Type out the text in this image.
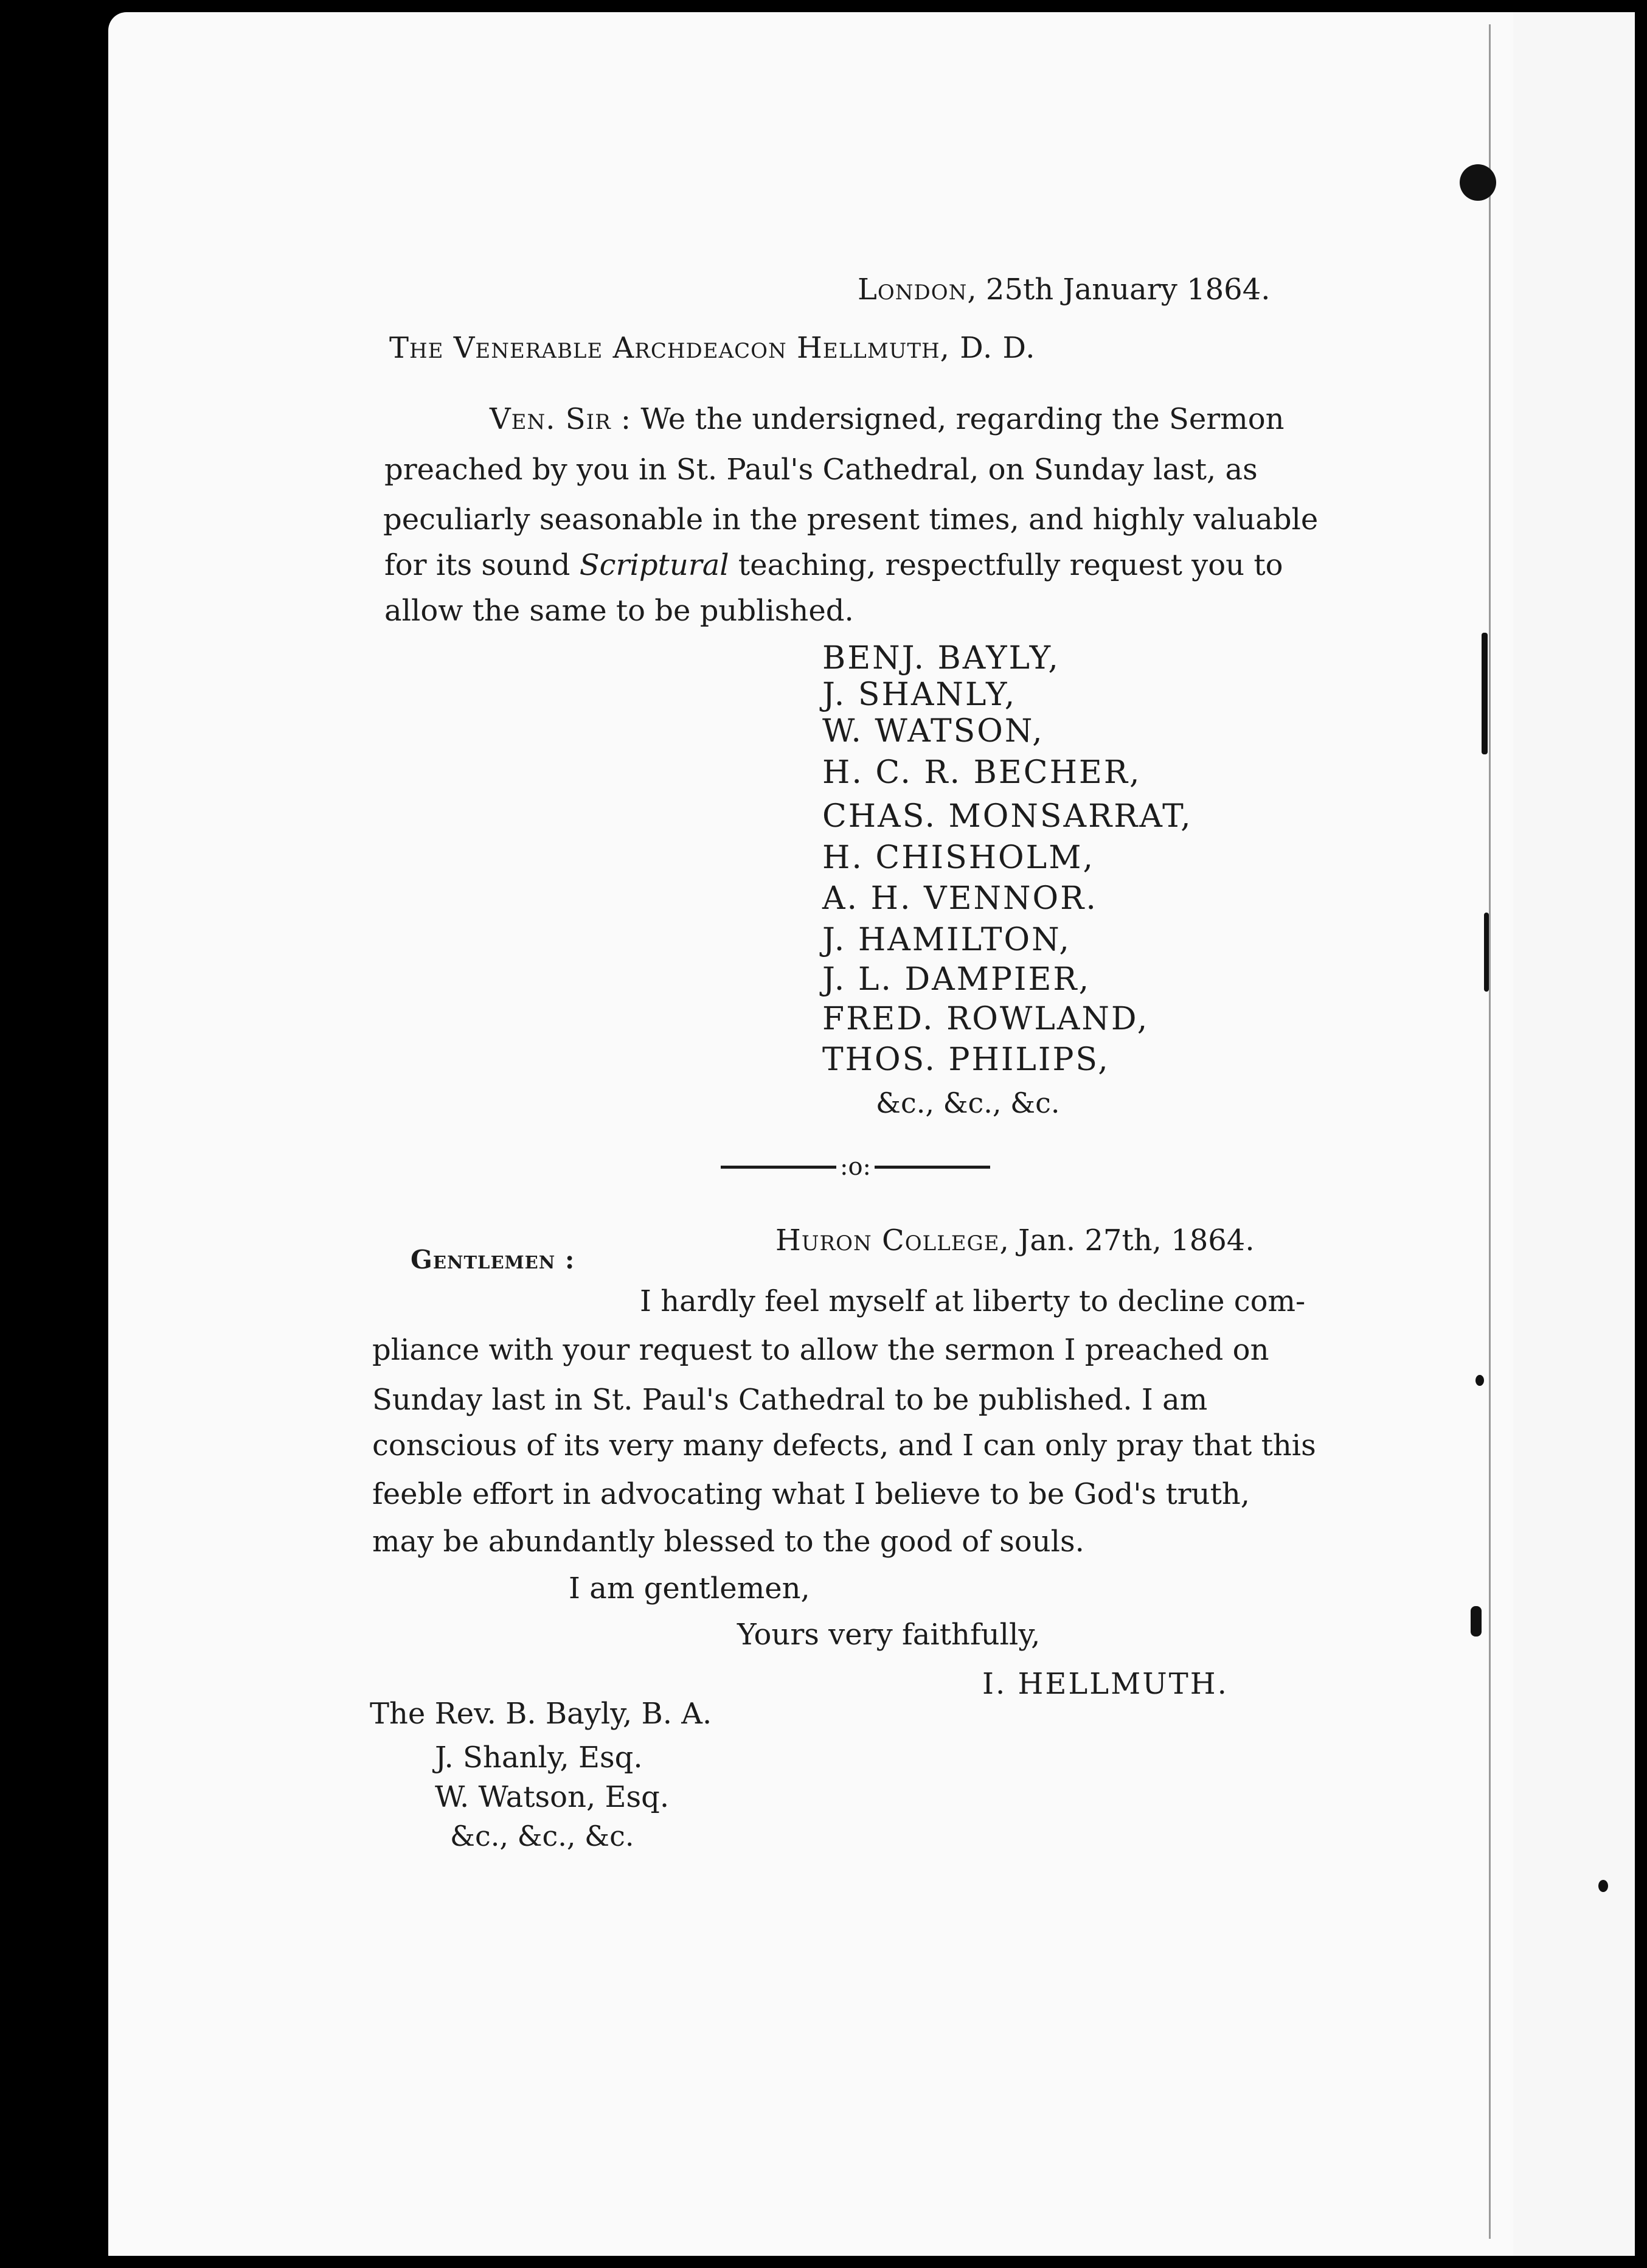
London, 25th January 1864.
The Venerable Archdeacon Hellmuth, D. D.
Ven. Sir : We the undersigned, regarding the Sermon
preached by you in St. Paul's Cathedral, on Sunday last, as
peculiarly seasonable in the present times, and highly valuable
for its sound Scriptural teaching, respectfully request you to
allow the same to be published.
BENJ. BAYLY,
J. SHANLY,
W. WATSON,
H. C. R. BECHER,
CHAS. MONSARRAT,
H. CHISHOLM,
A. H. VENNOR.
J. HAMILTON,
J. L. DAMPIER,
FRED. ROWLAND,
THOS. PHILIPS,
&c., &c., &c.
:o:
Huron College, Jan. 27th, 1864.
Gentlemen :
I hardly feel myself at liberty to decline com-
pliance with your request to allow the sermon I preached on
Sunday last in St. Paul's Cathedral to be published. I am
conscious of its very many defects, and I can only pray that this
feeble effort in advocating what I believe to be God's truth,
may be abundantly blessed to the good of souls.
I am gentlemen,
Yours very faithfully,
I. HELLMUTH.
The Rev. B. Bayly, B. A.
J. Shanly, Esq.
W. Watson, Esq.
&c., &c., &c.
